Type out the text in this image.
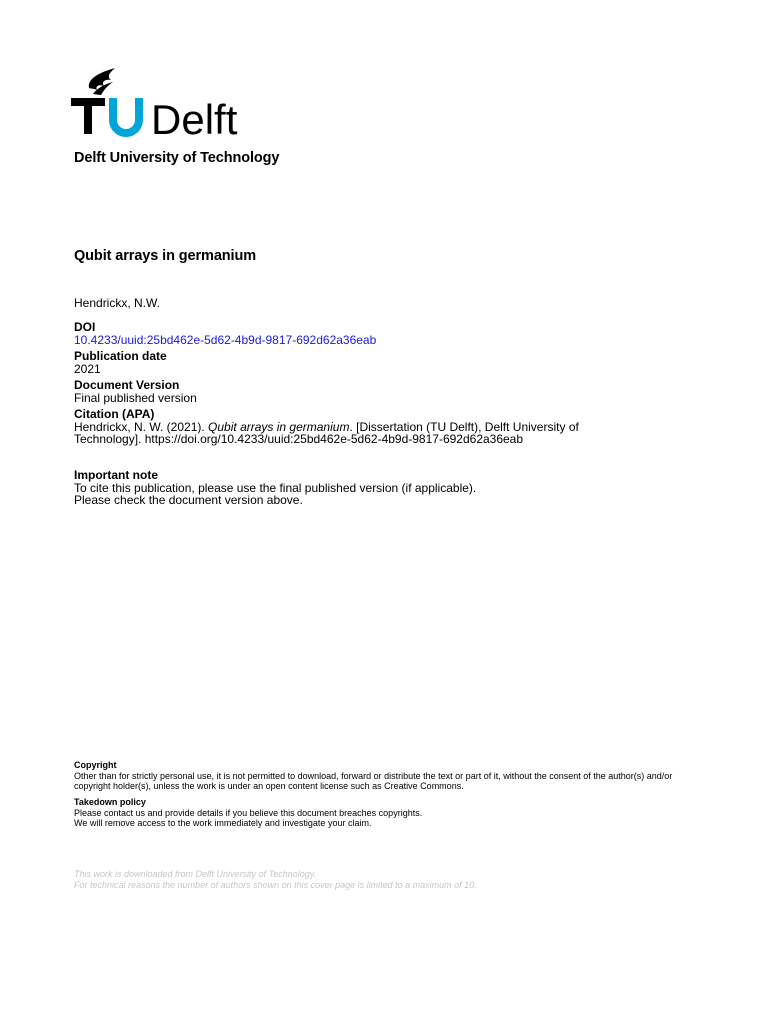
Delft
Delft University of Technology
Qubit arrays in germanium
Hendrickx, N.W.
DOI
10.4233/uuid:25bd462e-5d62-4b9d-9817-692d62a36eab
Publication date
2021
Document Version
Final published version
Citation (APA)
Hendrickx, N. W. (2021). Qubit arrays in germanium. [Dissertation (TU Delft), Delft University of Technology]. https://doi.org/10.4233/uuid:25bd462e-5d62-4b9d-9817-692d62a36eab
Important note
To cite this publication, please use the final published version (if applicable).
Please check the document version above.
Copyright
Other than for strictly personal use, it is not permitted to download, forward or distribute the text or part of it, without the consent of the author(s) and/or copyright holder(s), unless the work is under an open content license such as Creative Commons.
Takedown policy
Please contact us and provide details if you believe this document breaches copyrights.
We will remove access to the work immediately and investigate your claim.
This work is downloaded from Delft University of Technology.
For technical reasons the number of authors shown on this cover page is limited to a maximum of 10.
